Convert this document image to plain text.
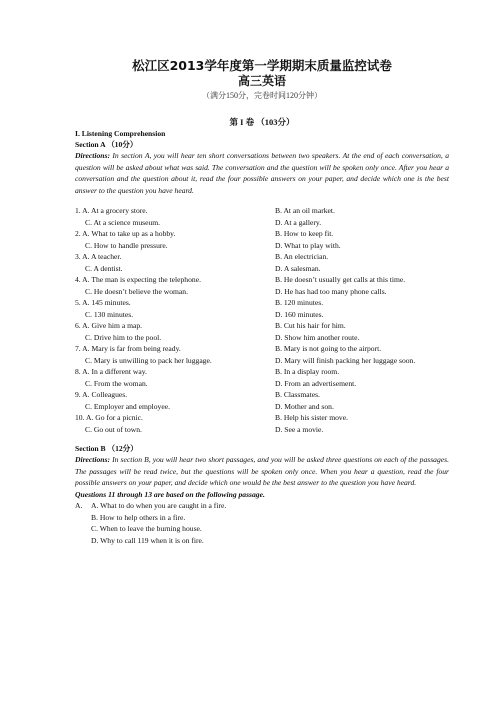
松江区2013学年度第一学期期末质量监控试卷
高三英语
（满分150分，完卷时间120分钟）
第 I 卷 （103分）
I. Listening Comprehension
Section A （10分）
Directions: In section A, you will hear ten short conversations between two speakers. At the end of each conversation, a question will be asked about what was said. The conversation and the question will be spoken only once. After you hear a conversation and the question about it, read the four possible answers on your paper, and decide which one is the best answer to the question you have heard.
1. A. At a grocery store.	B. At an oil market.
C. At a science museum.	D. At a gallery.
2. A. What to take up as a hobby.	B. How to keep fit.
C. How to handle pressure.	D. What to play with.
3. A. A teacher.	B. An electrician.
C. A dentist.	D. A salesman.
4. A. The man is expecting the telephone.	B. He doesn’t usually get calls at this time.
C. He doesn’t believe the woman.	D. He has had too many phone calls.
5. A. 145 minutes.	B. 120 minutes.
C. 130 minutes.	D. 160 minutes.
6. A. Give him a map.	B. Cut his hair for him.
C. Drive him to the pool.	D. Show him another route.
7. A. Mary is far from being ready.	B. Mary is not going to the airport.
C. Mary is unwilling to pack her luggage.	D. Mary will finish packing her luggage soon.
8. A. In a different way.	B. In a display room.
C. From the woman.	D. From an advertisement.
9. A. Colleagues.	B. Classmates.
C. Employer and employee.	D. Mother and son.
10. A. Go for a picnic.	B. Help his sister move.
C. Go out of town.	D. See a movie.
Section B （12分）
Directions: In section B, you will hear two short passages, and you will be asked three questions on each of the passages. The passages will be read twice, but the questions will be spoken only once. When you hear a question, read the four possible answers on your paper, and decide which one would be the best answer to the question you have heard.
Questions 11 through 13 are based on the following passage.
A.	A. What to do when you are caught in a fire.
B. How to help others in a fire.
C. When to leave the burning house.
D. Why to call 119 when it is on fire.
